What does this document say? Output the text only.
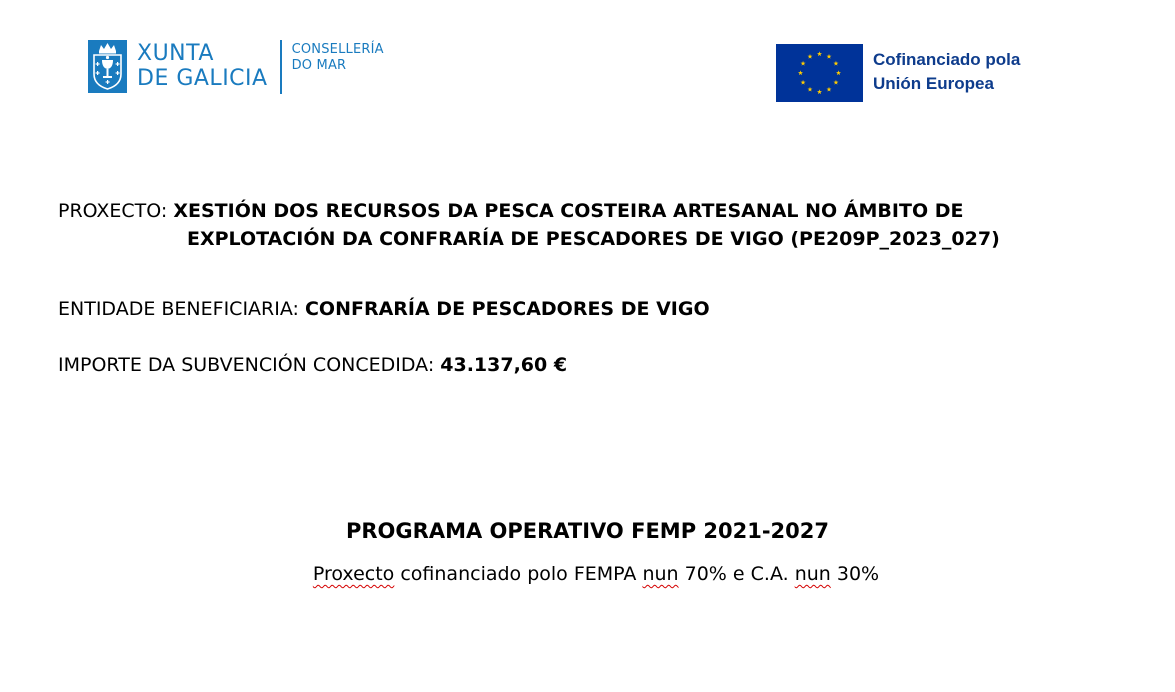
XUNTA
DE GALICIA
CONSELLERÍA
DO MAR	Cofinanciado pola
Unión Europea
PROXECTO: XESTIÓN DOS RECURSOS DA PESCA COSTEIRA ARTESANAL NO ÁMBITO DE
EXPLOTACIÓN DA CONFRARÍA DE PESCADORES DE VIGO (PE209P_2023_027)
ENTIDADE BENEFICIARIA: CONFRARÍA DE PESCADORES DE VIGO
IMPORTE DA SUBVENCIÓN CONCEDIDA: 43.137,60 €
PROGRAMA OPERATIVO FEMP 2021-2027
Proxecto cofinanciado polo FEMPA nun 70% e C.A. nun 30%
